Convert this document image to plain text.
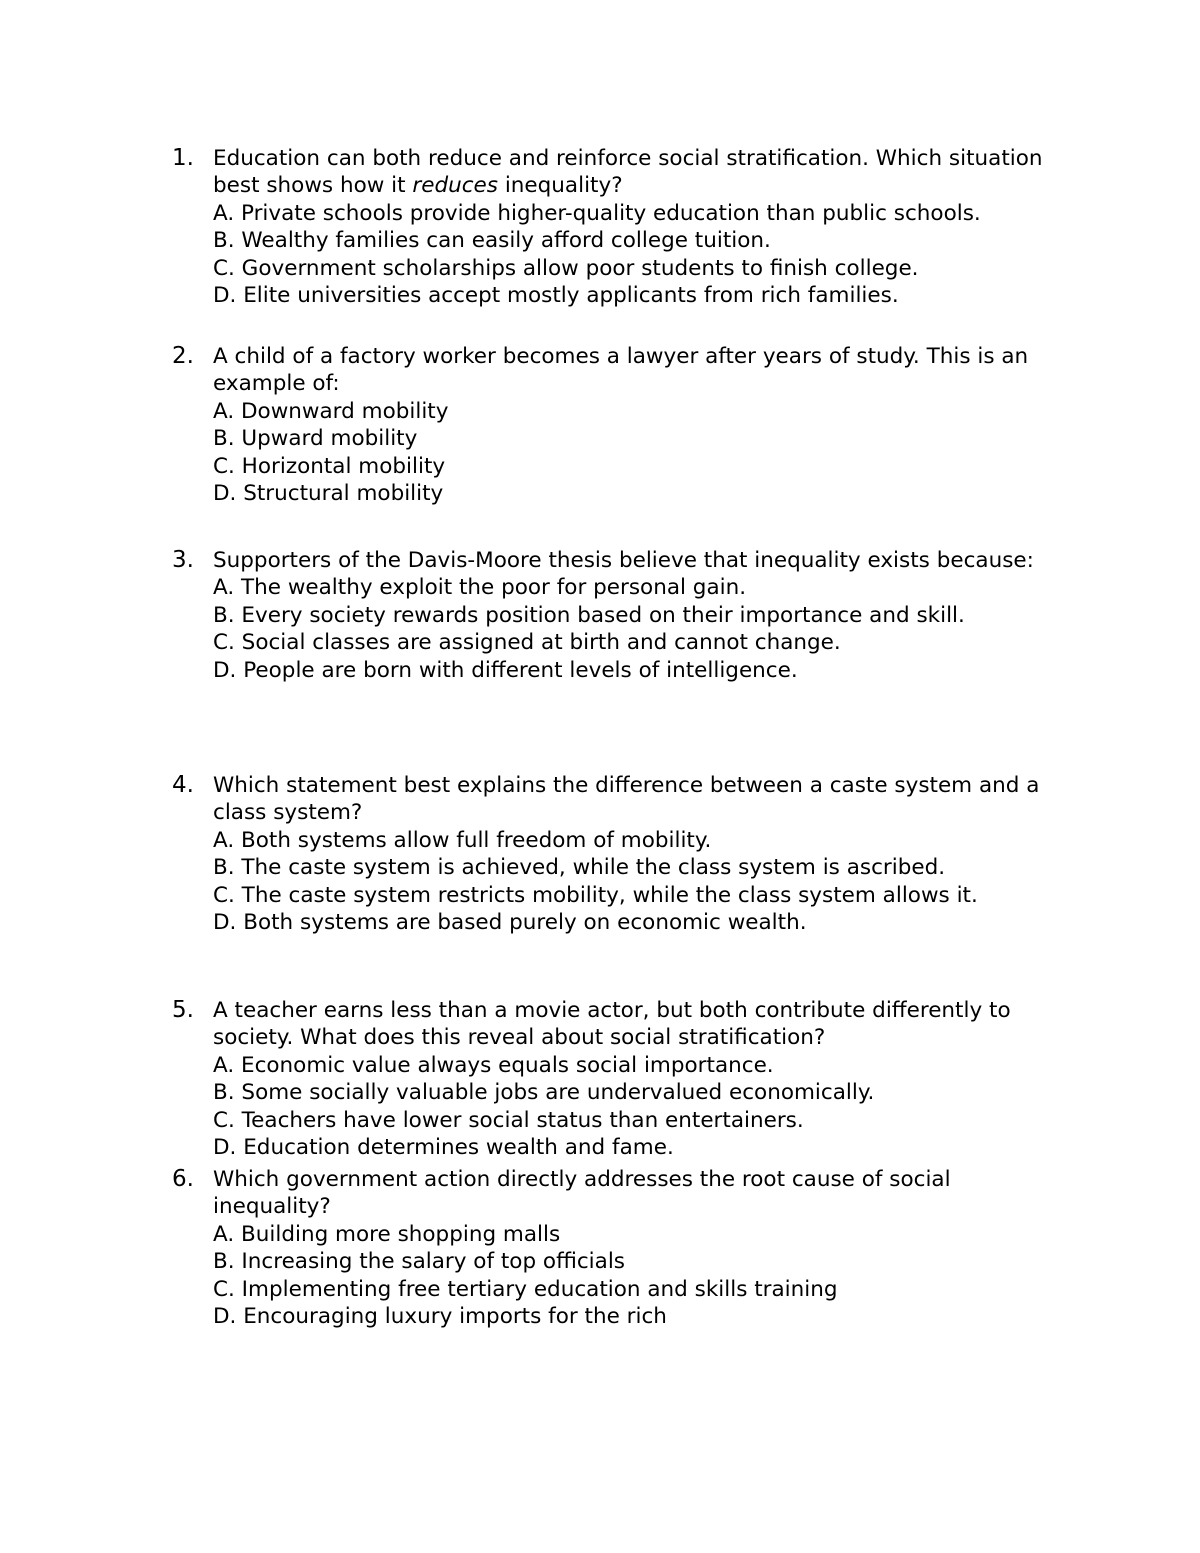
1. Education can both reduce and reinforce social stratification. Which situation best shows how it reduces inequality?
A. Private schools provide higher-quality education than public schools.
B. Wealthy families can easily afford college tuition.
C. Government scholarships allow poor students to finish college.
D. Elite universities accept mostly applicants from rich families.
2. A child of a factory worker becomes a lawyer after years of study. This is an example of:
A. Downward mobility
B. Upward mobility
C. Horizontal mobility
D. Structural mobility
3. Supporters of the Davis-Moore thesis believe that inequality exists because:
A. The wealthy exploit the poor for personal gain.
B. Every society rewards position based on their importance and skill.
C. Social classes are assigned at birth and cannot change.
D. People are born with different levels of intelligence.
4. Which statement best explains the difference between a caste system and a class system?
A. Both systems allow full freedom of mobility.
B. The caste system is achieved, while the class system is ascribed.
C. The caste system restricts mobility, while the class system allows it.
D. Both systems are based purely on economic wealth.
5. A teacher earns less than a movie actor, but both contribute differently to society. What does this reveal about social stratification?
A. Economic value always equals social importance.
B. Some socially valuable jobs are undervalued economically.
C. Teachers have lower social status than entertainers.
D. Education determines wealth and fame.
6. Which government action directly addresses the root cause of social inequality?
A. Building more shopping malls
B. Increasing the salary of top officials
C. Implementing free tertiary education and skills training
D. Encouraging luxury imports for the rich
